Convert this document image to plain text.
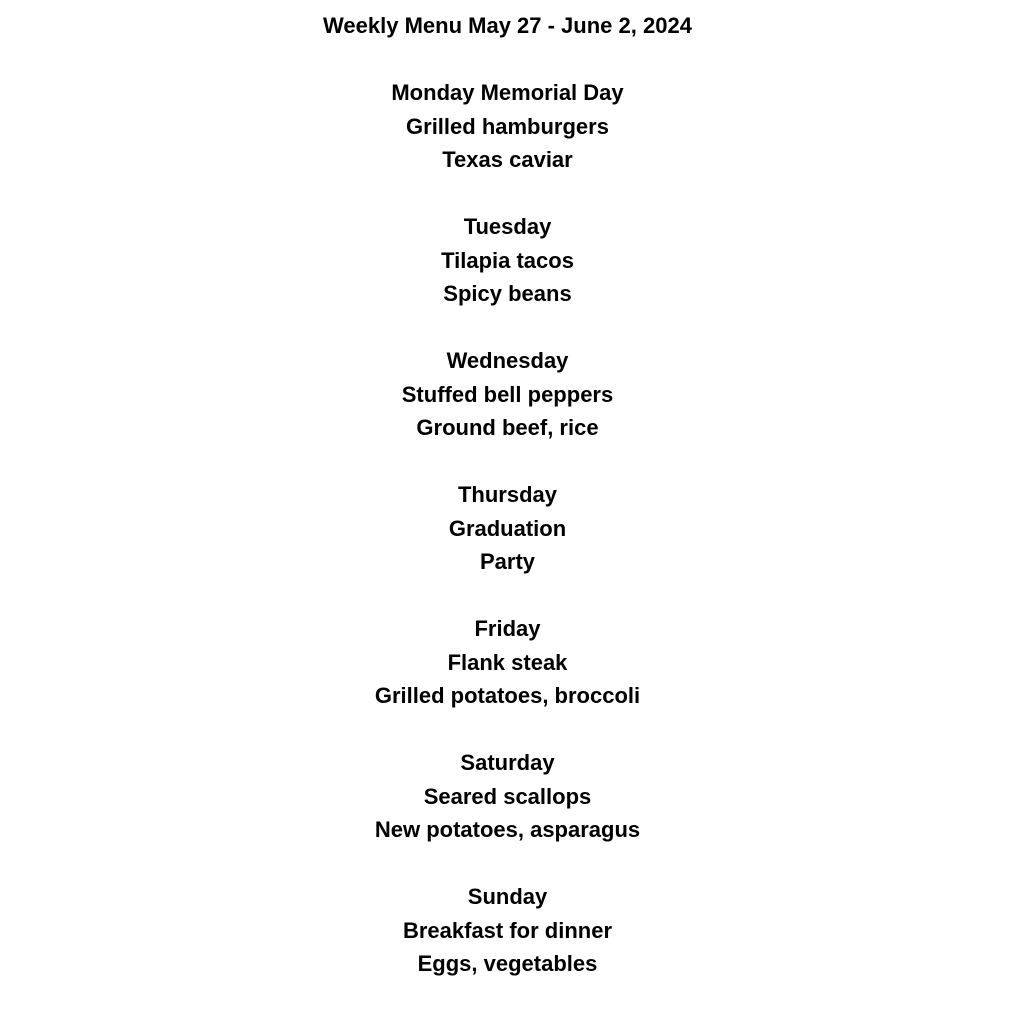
Weekly Menu May 27 - June 2, 2024
Monday Memorial Day
Grilled hamburgers
Texas caviar
Tuesday
Tilapia tacos
Spicy beans
Wednesday
Stuffed bell peppers
Ground beef, rice
Thursday
Graduation
Party
Friday
Flank steak
Grilled potatoes, broccoli
Saturday
Seared scallops
New potatoes, asparagus
Sunday
Breakfast for dinner
Eggs, vegetables
